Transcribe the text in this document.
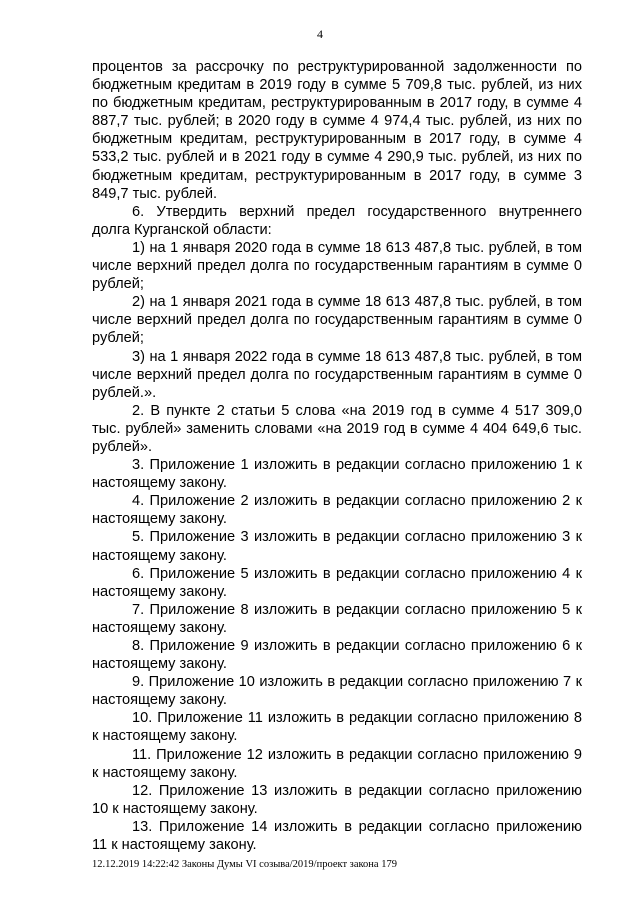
4

процентов за рассрочку по реструктурированной задолженности по бюджетным кредитам в 2019 году в сумме 5 709,8 тыс. рублей, из них по бюджетным кредитам, реструктурированным в 2017 году, в сумме 4 887,7 тыс. рублей; в 2020 году в сумме 4 974,4 тыс. рублей, из них по бюджетным кредитам, реструктурированным в 2017 году, в сумме 4 533,2 тыс. рублей и в 2021 году в сумме 4 290,9 тыс. рублей, из них по бюджетным кредитам, реструктурированным в 2017 году, в сумме 3 849,7 тыс. рублей.

6. Утвердить верхний предел государственного внутреннего долга Курганской области:

1) на 1 января 2020 года в сумме 18 613 487,8 тыс. рублей, в том числе верхний предел долга по государственным гарантиям в сумме 0 рублей;

2) на 1 января 2021 года в сумме 18 613 487,8 тыс. рублей, в том числе верхний предел долга по государственным гарантиям в сумме 0 рублей;

3) на 1 января 2022 года в сумме 18 613 487,8 тыс. рублей, в том числе верхний предел долга по государственным гарантиям в сумме 0 рублей.».

2. В пункте 2 статьи 5 слова «на 2019 год в сумме 4 517 309,0 тыс. рублей» заменить словами «на 2019 год в сумме 4 404 649,6 тыс. рублей».

3. Приложение 1 изложить в редакции согласно приложению 1 к настоящему закону.

4. Приложение 2 изложить в редакции согласно приложению 2 к настоящему закону.

5. Приложение 3 изложить в редакции согласно приложению 3 к настоящему закону.

6. Приложение 5 изложить в редакции согласно приложению 4 к настоящему закону.

7. Приложение 8 изложить в редакции согласно приложению 5 к настоящему закону.

8. Приложение 9 изложить в редакции согласно приложению 6 к настоящему закону.

9. Приложение 10 изложить в редакции согласно приложению 7 к настоящему закону.

10. Приложение 11 изложить в редакции согласно приложению 8 к настоящему закону.

11. Приложение 12 изложить в редакции согласно приложению 9 к настоящему закону.

12. Приложение 13 изложить в редакции согласно приложению 10 к настоящему закону.

13. Приложение 14 изложить в редакции согласно приложению 11 к настоящему закону.

12.12.2019 14:22:42 Законы Думы VI созыва/2019/проект закона 179
